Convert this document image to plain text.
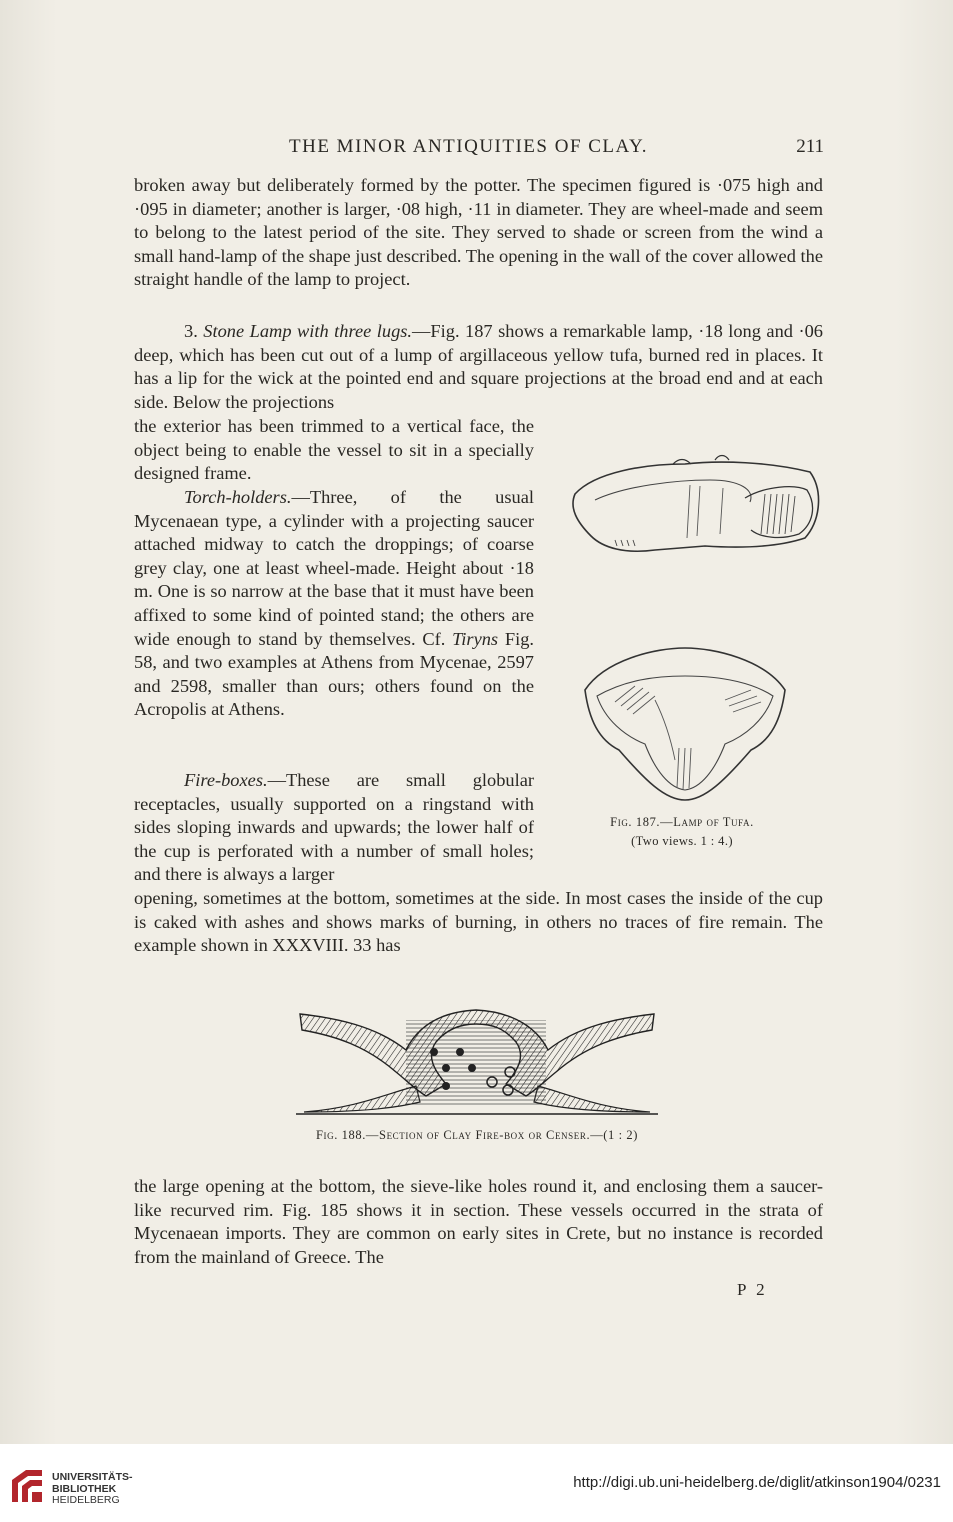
THE MINOR ANTIQUITIES OF CLAY.	211

broken away but deliberately formed by the potter. The specimen figured is ·075 high and ·095 in diameter; another is larger, ·08 high, ·11 in diameter. They are wheel-made and seem to belong to the latest period of the site. They served to shade or screen from the wind a small hand-lamp of the shape just described. The opening in the wall of the cover allowed the straight handle of the lamp to project.

3. Stone Lamp with three lugs.—Fig. 187 shows a remarkable lamp, ·18 long and ·06 deep, which has been cut out of a lump of argillaceous yellow tufa, burned red in places. It has a lip for the wick at the pointed end and square projections at the broad end and at each side. Below the projections

the exterior has been trimmed to a vertical face, the object being to enable the vessel to sit in a specially designed frame.

Torch-holders.—Three, of the usual Mycenaean type, a cylinder with a projecting saucer attached midway to catch the droppings; of coarse grey clay, one at least wheel-made. Height about ·18 m. One is so narrow at the base that it must have been affixed to some kind of pointed stand; the others are wide enough to stand by themselves. Cf. Tiryns Fig. 58, and two examples at Athens from Mycenae, 2597 and 2598, smaller than ours; others found on the Acropolis at Athens.

Fire-boxes.—These are small globular receptacles, usually supported on a ringstand with sides sloping inwards and upwards; the lower half of the cup is perforated with a number of small holes; and there is always a larger

opening, sometimes at the bottom, sometimes at the side. In most cases the inside of the cup is caked with ashes and shows marks of burning, in others no traces of fire remain. The example shown in XXXVIII. 33 has

Fig. 187.—Lamp of Tufa.
(Two views. 1 : 4.)
Fig. 188.—Section of Clay Fire-box or Censer.—(1 : 2)

the large opening at the bottom, the sieve-like holes round it, and enclosing them a saucer-like recurved rim. Fig. 185 shows it in section. These vessels occurred in the strata of Mycenaean imports. They are common on early sites in Crete, but no instance is recorded from the mainland of Greece. The

P 2
UNIVERSITÄTS-
BIBLIOTHEK
HEIDELBERG
http://digi.ub.uni-heidelberg.de/diglit/atkinson1904/0231
